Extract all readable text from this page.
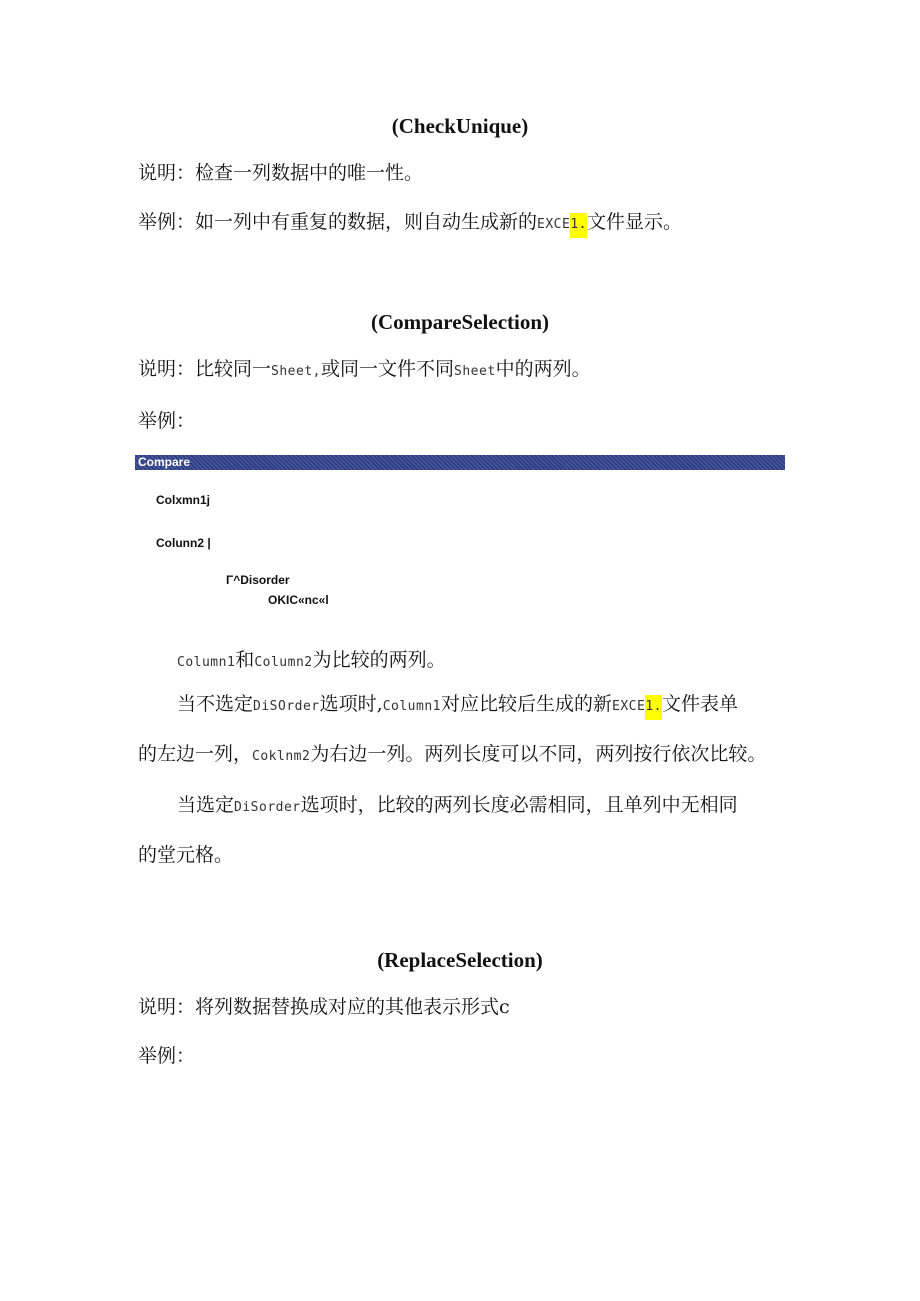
(CheckUnique)
说明：检查一列数据中的唯一性。
举例：如一列中有重复的数据，则自动生成新的EXCE1.文件显示。
(CompareSelection)
说明：比较同一Sheet,或同一文件不同Sheet中的两列。
举例：
Compare
Colxmn1j
Colunn2 |
Γ^Disorder
OKIC«nc«l
Column1和Column2为比较的两列。
当不选定DiSOrder选项时,Column1对应比较后生成的新EXCE1.文件表单
的左边一列，Coklnm2为右边一列。两列长度可以不同，两列按行依次比较。
当选定DiSorder选项时，比较的两列长度必需相同，且单列中无相同
的堂元格。
(ReplaceSelection)
说明：将列数据替换成对应的其他表示形式c
举例：
